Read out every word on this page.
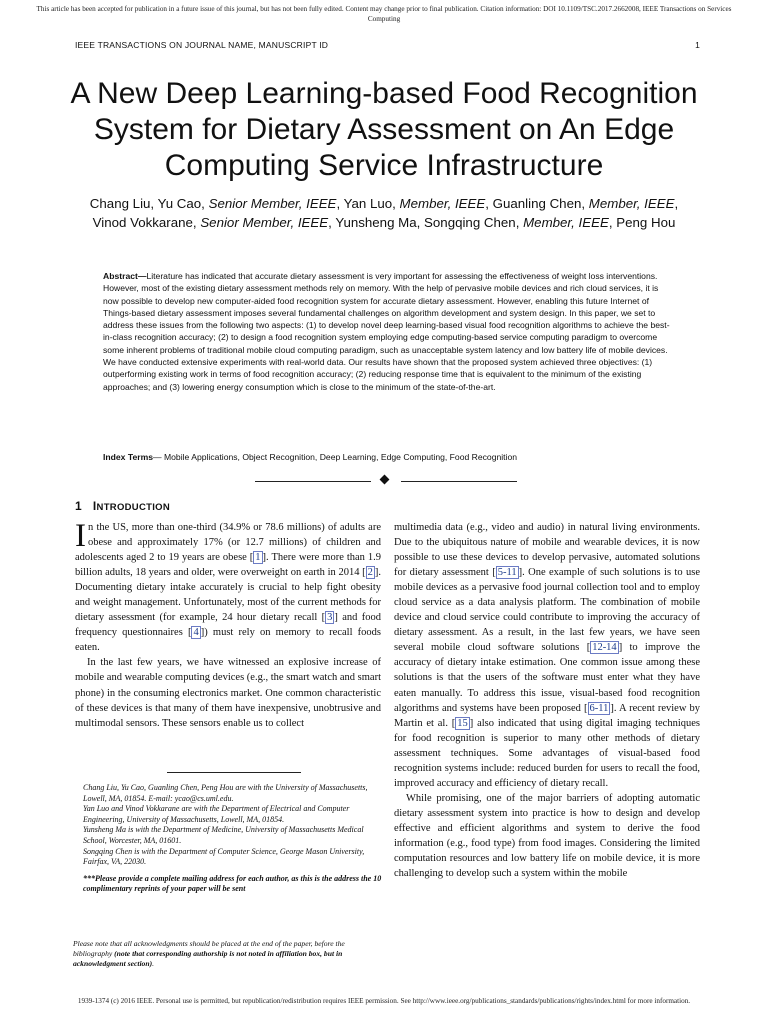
This article has been accepted for publication in a future issue of this journal, but has not been fully edited. Content may change prior to final publication. Citation information: DOI 10.1109/TSC.2017.2662008, IEEE Transactions on Services Computing
IEEE TRANSACTIONS ON JOURNAL NAME, MANUSCRIPT ID	1
A New Deep Learning-based Food Recognition System for Dietary Assessment on An Edge Computing Service Infrastructure

Chang Liu, Yu Cao, Senior Member, IEEE, Yan Luo, Member, IEEE, Guanling Chen, Member, IEEE, Vinod Vokkarane, Senior Member, IEEE, Yunsheng Ma, Songqing Chen, Member, IEEE, Peng Hou

Abstract—Literature has indicated that accurate dietary assessment is very important for assessing the effectiveness of weight loss interventions. However, most of the existing dietary assessment methods rely on memory. With the help of pervasive mobile devices and rich cloud services, it is now possible to develop new computer-aided food recognition system for accurate dietary assessment. However, enabling this future Internet of Things-based dietary assessment imposes several fundamental challenges on algorithm development and system design. In this paper, we set to address these issues from the following two aspects: (1) to develop novel deep learning-based visual food recognition algorithms to achieve the best-in-class recognition accuracy; (2) to design a food recognition system employing edge computing-based service computing paradigm to overcome some inherent problems of traditional mobile cloud computing paradigm, such as unacceptable system latency and low battery life of mobile devices. We have conducted extensive experiments with real-world data. Our results have shown that the proposed system achieved three objectives: (1) outperforming existing work in terms of food recognition accuracy; (2) reducing response time that is equivalent to the minimum of the existing approaches; and (3) lowering energy consumption which is close to the minimum of the state-of-the-art.

Index Terms— Mobile Applications, Object Recognition, Deep Learning, Edge Computing, Food Recognition

1 INTRODUCTION

In the US, more than one-third (34.9% or 78.6 millions) of adults are obese and approximately 17% (or 12.7 millions) of children and adolescents aged 2 to 19 years are obese [ 1 ]. There were more than 1.9 billion adults, 18 years and older, were overweight on earth in 2014 [ 2 ]. Documenting dietary intake accurately is crucial to help fight obesity and weight management. Unfortunately, most of the current methods for dietary assessment (for example, 24 hour dietary recall [ 3 ] and food frequency questionnaires [ 4 ]) must rely on memory to recall foods eaten.

In the last few years, we have witnessed an explosive increase of mobile and wearable computing devices (e.g., the smart watch and smart phone) in the consuming electronics market. One common characteristic of these devices is that many of them have inexpensive, unobtrusive and multimodal sensors. These sensors enable us to collect

multimedia data (e.g., video and audio) in natural living environments. Due to the ubiquitous nature of mobile and wearable devices, it is now possible to use these devices to develop pervasive, automated solutions for dietary assessment [ 5-11 ]. One example of such solutions is to use mobile devices as a pervasive food journal collection tool and to employ cloud service as a data analysis platform. The combination of mobile device and cloud service could contribute to improving the accuracy of dietary assessment. As a result, in the last few years, we have seen several mobile cloud software solutions [ 12-14 ] to improve the accuracy of dietary intake estimation. One common issue among these solutions is that the users of the software must enter what they have eaten manually. To address this issue, visual-based food recognition algorithms and systems have been proposed [ 6-11 ]. A recent review by Martin et al. [ 15 ] also indicated that using digital imaging techniques for food recognition is superior to many other methods of dietary assessment techniques. Some advantages of visual-based food recognition systems include: reduced burden for users to recall the food, improved accuracy and efficiency of dietary recall.

While promising, one of the major barriers of adopting automatic dietary assessment system into practice is how to design and develop effective and efficient algorithms and system to derive the food information (e.g., food type) from food images. Considering the limited computation resources and low battery life on mobile device, it is more challenging to develop such a system within the mobile

Chang Liu, Yu Cao, Guanling Chen, Peng Hou are with the University of Massachusetts, Lowell, MA, 01854. E-mail: ycao@cs.uml.edu.

Yan Luo and Vinod Vokkarane are with the Department of Electrical and Computer Engineering, University of Massachusetts, Lowell, MA, 01854.

Yunsheng Ma is with the Department of Medicine, University of Massachusetts Medical School, Worcester, MA, 01601.

Songqing Chen is with the Department of Computer Science, George Mason University, Fairfax, VA, 22030.

***Please provide a complete mailing address for each author, as this is the address the 10 complimentary reprints of your paper will be sent

Please note that all acknowledgments should be placed at the end of the paper, before the bibliography (note that corresponding authorship is not noted in affiliation box, but in acknowledgment section).

1939-1374 (c) 2016 IEEE. Personal use is permitted, but republication/redistribution requires IEEE permission. See http://www.ieee.org/publications_standards/publications/rights/index.html for more information.
